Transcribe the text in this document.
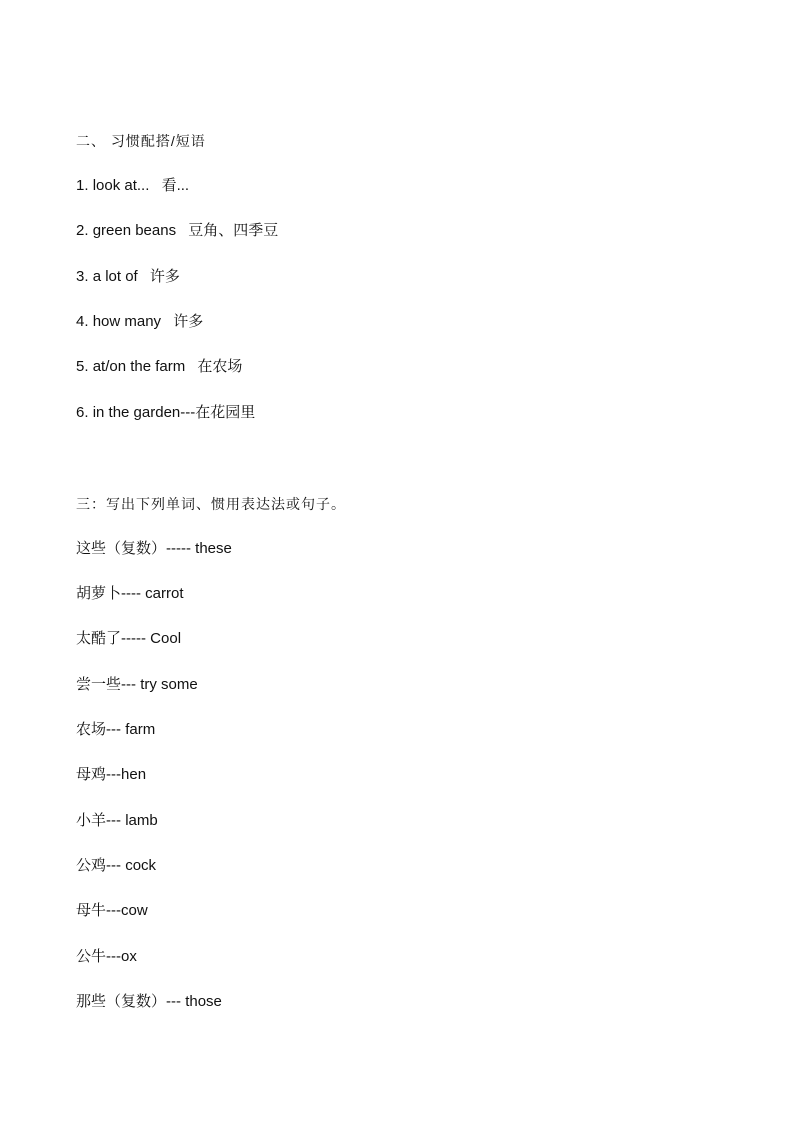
二、 习惯配搭/短语
1. look at... 看...
2. green beans 豆角、四季豆
3. a lot of 许多
4. how many 许多
5. at/on the farm 在农场
6. in the garden---在花园里
三：写出下列单词、惯用表达法或句子。
这些（复数）----- these
胡萝卜---- carrot
太酷了----- Cool
尝一些--- try some
农场--- farm
母鸡---hen
小羊--- lamb
公鸡--- cock
母牛---cow
公牛---ox
那些（复数）--- those
